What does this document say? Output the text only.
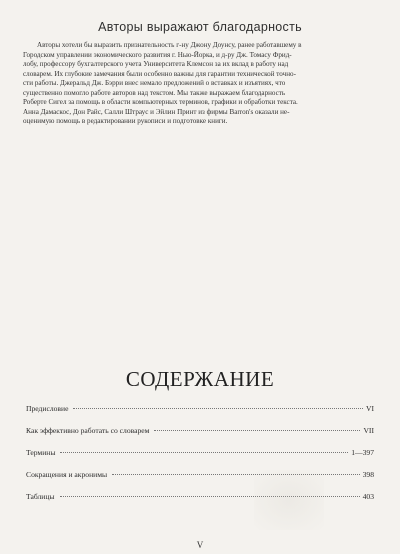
Авторы выражают благодарность
Авторы хотели бы выразить признательность г-ну Джону Доунсу, ранее работавшему в
Городском управлении экономического развития г. Нью-Йорка, и д-ру Дж. Томасу Фрид-
лобу, профессору бухгалтерского учета Университета Клемсон за их вклад в работу над
словарем. Их глубокие замечания были особенно важны для гарантии технической точно-
сти работы. Джеральд Дж. Бэрри внес немало предложений о вставках и изъятиях, что
существенно помогло работе авторов над текстом. Мы также выражаем благодарность
Роберте Сигел за помощь в области компьютерных терминов, графики и обработки текста.
Анна Дамаскос, Дон Райс, Салли Штраус и Эйлин Принт из фирмы Barron's оказали не-
оценимую помощь в редактировании рукописи и подготовке книги.
СОДЕРЖАНИЕ
Предисловие	VI
Как эффективно работать со словарем	VII
Термины	1—397
Сокращения и акронимы	398
Таблицы	403
V
